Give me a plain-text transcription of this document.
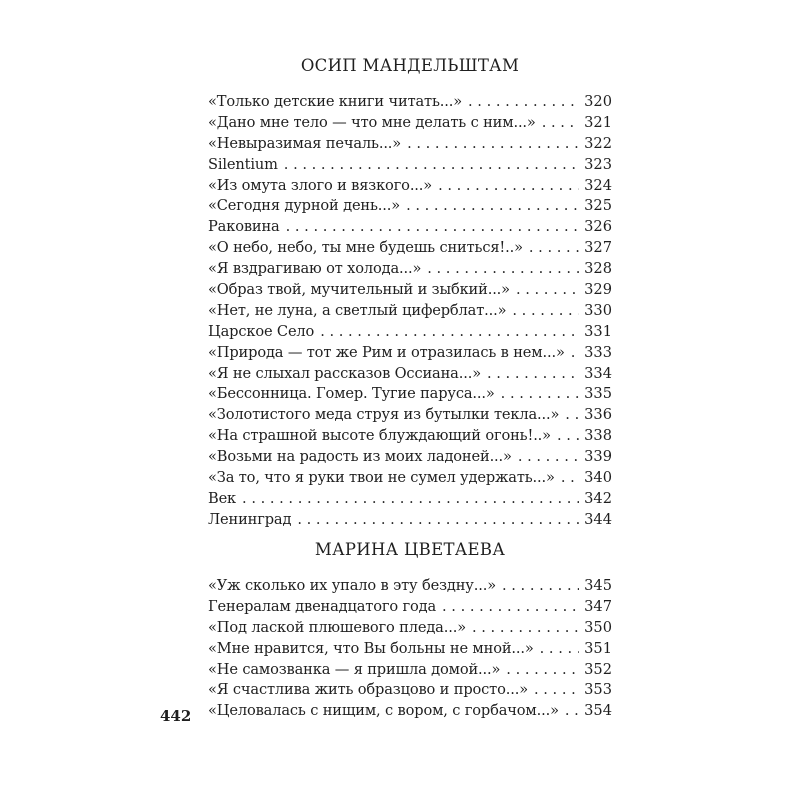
ОСИП МАНДЕЛЬШТАМ
«Только детские книги читать...» . . .	320
«Дано мне тело — что мне делать с ним...» . . .	321
«Невыразимая печаль...» . . .	322
Silentium . . .	323
«Из омута злого и вязкого...» . . .	324
«Сегодня дурной день...» . . .	325
Раковина . . .	326
«О небо, небо, ты мне будешь сниться!..» . . .	327
«Я вздрагиваю от холода...» . . .	328
«Образ твой, мучительный и зыбкий...» . . .	329
«Нет, не луна, а светлый циферблат...» . . .	330
Царское Село . . .	331
«Природа — тот же Рим и отразилась в нем...» . . . 333
«Я не слыхал рассказов Оссиана...» . . .	334
«Бессонница. Гомер. Тугие паруса...» . . .	335
«Золотистого меда струя из бутылки текла...» . . . 336
«На страшной высоте блуждающий огонь!..» . . . 338
«Возьми на радость из моих ладоней...» . . .	339
«За то, что я руки твои не сумел удержать...» . . . 340
Век . . .	342
Ленинград . . .	344
МАРИНА ЦВЕТАЕВА
«Уж сколько их упало в эту бездну...» . . .	345
Генералам двенадцатого года . . .	347
«Под лаской плюшевого пледа...» . . .	350
«Мне нравится, что Вы больны не мной...» . . .	351
«Не самозванка — я пришла домой...» . . .	352
«Я счастлива жить образцово и просто...» . . .	353
«Целовалась с нищим, с вором, с горбачом...» . . . 354
442
